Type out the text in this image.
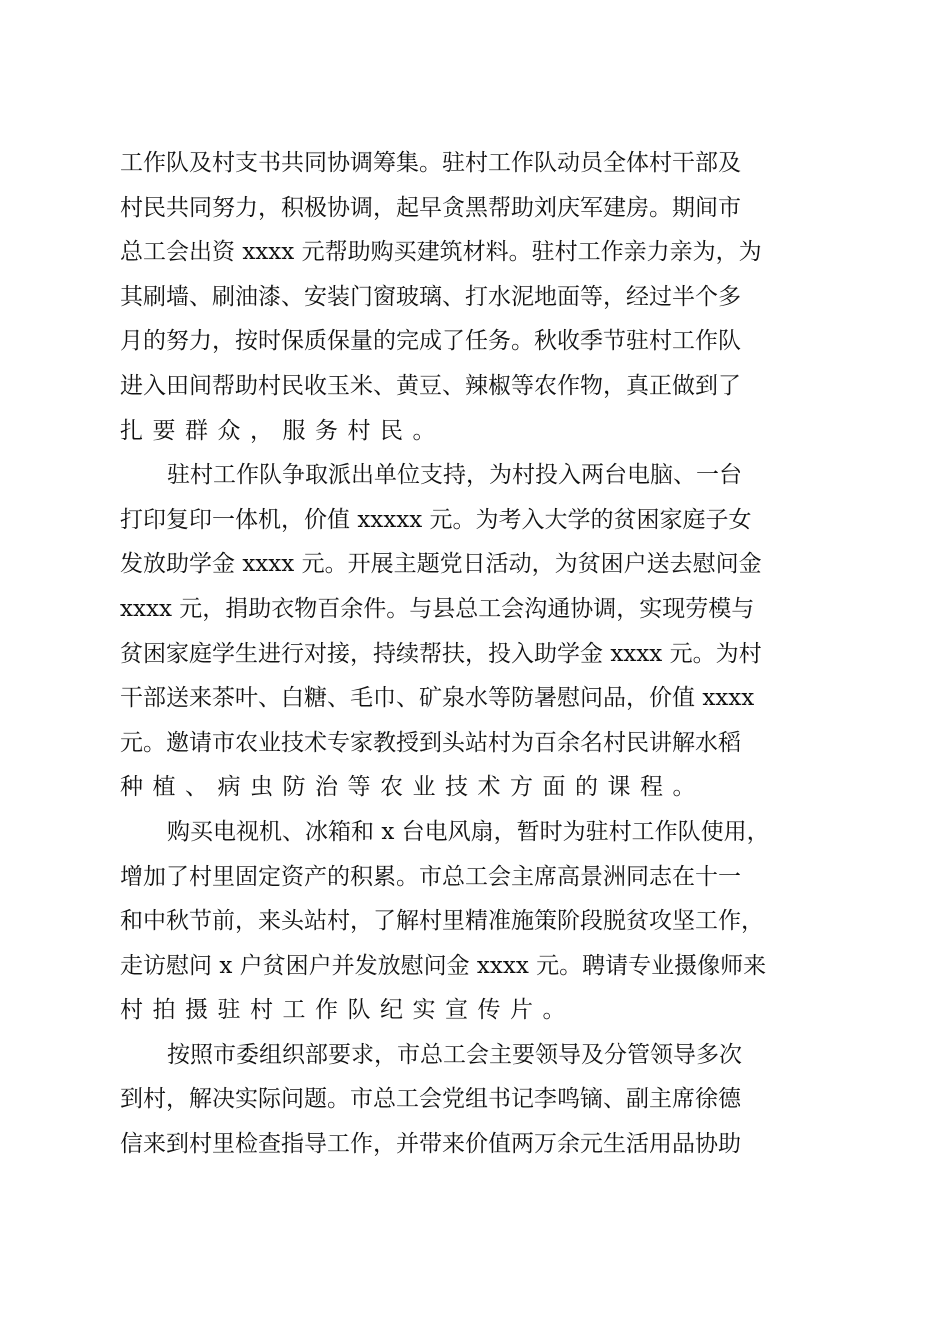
工作队及村支书共同协调筹集。驻村工作队动员全体村干部及
村民共同努力，积极协调，起早贪黑帮助刘庆军建房。期间市
总工会出资 xxxx 元帮助购买建筑材料。驻村工作亲力亲为，为
其刷墙、刷油漆、安装门窗玻璃、打水泥地面等，经过半个多
月的努力，按时保质保量的完成了任务。秋收季节驻村工作队
进入田间帮助村民收玉米、黄豆、辣椒等农作物，真正做到了
扎要群众，服务村民。
驻村工作队争取派出单位支持，为村投入两台电脑、一台
打印复印一体机，价值 xxxxx 元。为考入大学的贫困家庭子女
发放助学金 xxxx 元。开展主题党日活动，为贫困户送去慰问金
xxxx 元，捐助衣物百余件。与县总工会沟通协调，实现劳模与
贫困家庭学生进行对接，持续帮扶，投入助学金 xxxx 元。为村
干部送来茶叶、白糖、毛巾、矿泉水等防暑慰问品，价值 xxxx
元。邀请市农业技术专家教授到头站村为百余名村民讲解水稻
种植、病虫防治等农业技术方面的课程。
购买电视机、冰箱和 x 台电风扇，暂时为驻村工作队使用，
增加了村里固定资产的积累。市总工会主席高景洲同志在十一
和中秋节前，来头站村，了解村里精准施策阶段脱贫攻坚工作，
走访慰问 x 户贫困户并发放慰问金 xxxx 元。聘请专业摄像师来
村拍摄驻村工作队纪实宣传片。
按照市委组织部要求，市总工会主要领导及分管领导多次
到村，解决实际问题。市总工会党组书记李鸣镝、副主席徐德
信来到村里检查指导工作，并带来价值两万余元生活用品协助
